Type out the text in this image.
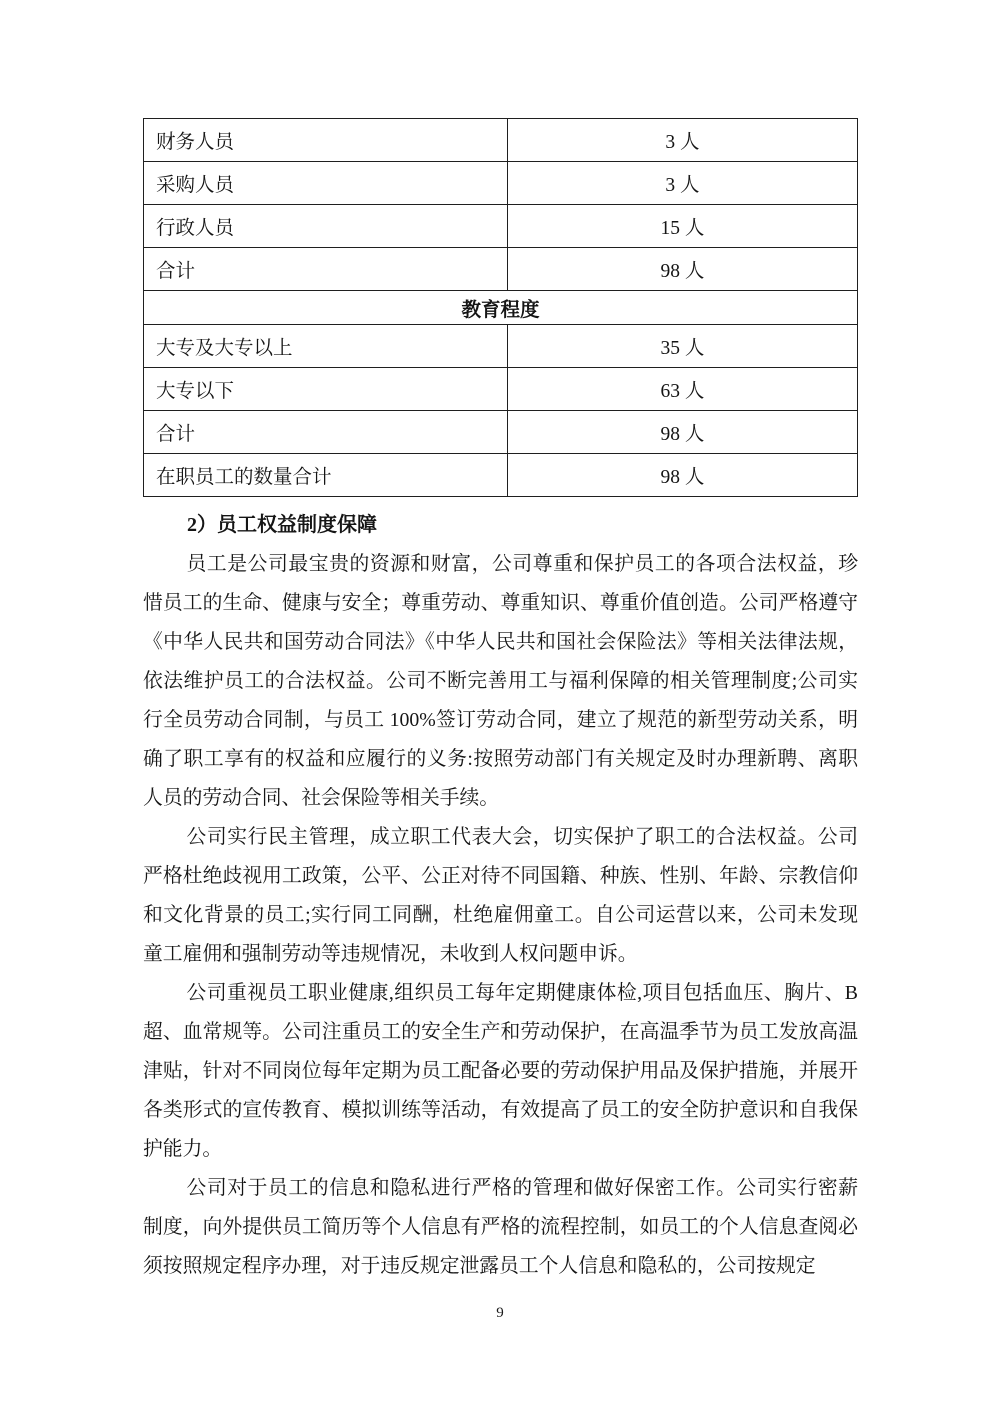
财务人员	3 人
采购人员	3 人
行政人员	15 人
合计	98 人
教育程度	
大专及大专以上	35 人
大专以下	63 人
合计	98 人
在职员工的数量合计	98 人
2）员工权益制度保障

员工是公司最宝贵的资源和财富，公司尊重和保护员工的各项合法权益，珍惜员工的生命、健康与安全；尊重劳动、尊重知识、尊重价值创造。公司严格遵守《中华人民共和国劳动合同法》《中华人民共和国社会保险法》等相关法律法规，依法维护员工的合法权益。公司不断完善用工与福利保障的相关管理制度;公司实行全员劳动合同制，与员工 100%签订劳动合同，建立了规范的新型劳动关系，明确了职工享有的权益和应履行的义务:按照劳动部门有关规定及时办理新聘、离职人员的劳动合同、社会保险等相关手续。

公司实行民主管理，成立职工代表大会，切实保护了职工的合法权益。公司严格杜绝歧视用工政策，公平、公正对待不同国籍、种族、性别、年龄、宗教信仰和文化背景的员工;实行同工同酬，杜绝雇佣童工。自公司运营以来，公司未发现童工雇佣和强制劳动等违规情况，未收到人权问题申诉。

公司重视员工职业健康,组织员工每年定期健康体检,项目包括血压、胸片、B 超、血常规等。公司注重员工的安全生产和劳动保护，在高温季节为员工发放高温津贴，针对不同岗位每年定期为员工配备必要的劳动保护用品及保护措施，并展开各类形式的宣传教育、模拟训练等活动，有效提高了员工的安全防护意识和自我保护能力。

公司对于员工的信息和隐私进行严格的管理和做好保密工作。公司实行密薪制度，向外提供员工简历等个人信息有严格的流程控制，如员工的个人信息查阅必须按照规定程序办理，对于违反规定泄露员工个人信息和隐私的，公司按规定

9
